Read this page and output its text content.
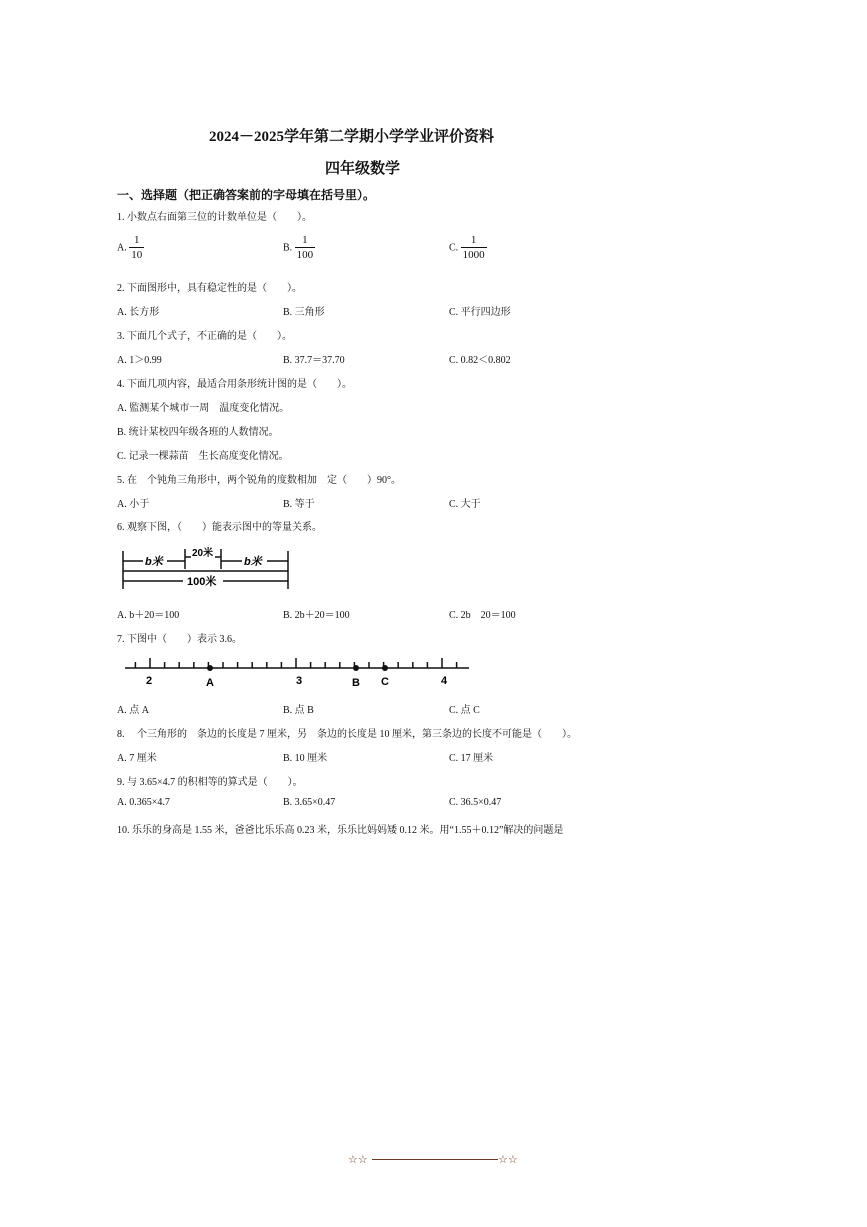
2024－2025学年第二学期小学学业评价资料
四年级数学
一、选择题（把正确答案前的字母填在括号里）。
1. 小数点右面第三位的计数单位是（　　）。
A. $\frac{1}{10}$	B. $\frac{1}{100}$	C. $\frac{1}{1000}$
2. 下面图形中，具有稳定性的是（　　）。
A. 长方形	B. 三角形	C. 平行四边形
3. 下面几个式子，不正确的是（　　）。
A. 1＞0.99	B. 37.7＝37.70	C. 0.82＜0.802
4. 下面几项内容，最适合用条形统计图的是（　　）。
A. 監测某个城市一周　温度变化情况。
B. 统计某校四年级各班的人数情况。
C. 记录一棵蒜苗　生长高度变化情况。
5. 在　个钝角三角形中，两个锐角的度数相加　定（　　）90°。
A. 小于	B. 等于	C. 大于
6. 观察下图，（　　）能表示图中的等量关系。
b米
20米
b米
100米
A. b＋20＝100	B. 2b＋20＝100	C. 2b　20＝100
7. 下图中（　　）表示 3.6。
2	A	3	B C	4
A. 点 A	B. 点 B	C. 点 C
8. 　个三角形的　条边的长度是 7 厘米，另　条边的长度是 10 厘米，第三条边的长度不可能是（　　）。
A. 7 厘米	B. 10 厘米	C. 17 厘米
9. 与 3.65×4.7 的积相等的算式是（　　）。
A. 0.365×4.7	B. 3.65×0.47	C. 36.5×0.47
10. 乐乐的身高是 1.55 米，爸爸比乐乐高 0.23 米，乐乐比妈妈矮 0.12 米。用“1.55＋0.12”解决的问题是
☆☆	☆☆
